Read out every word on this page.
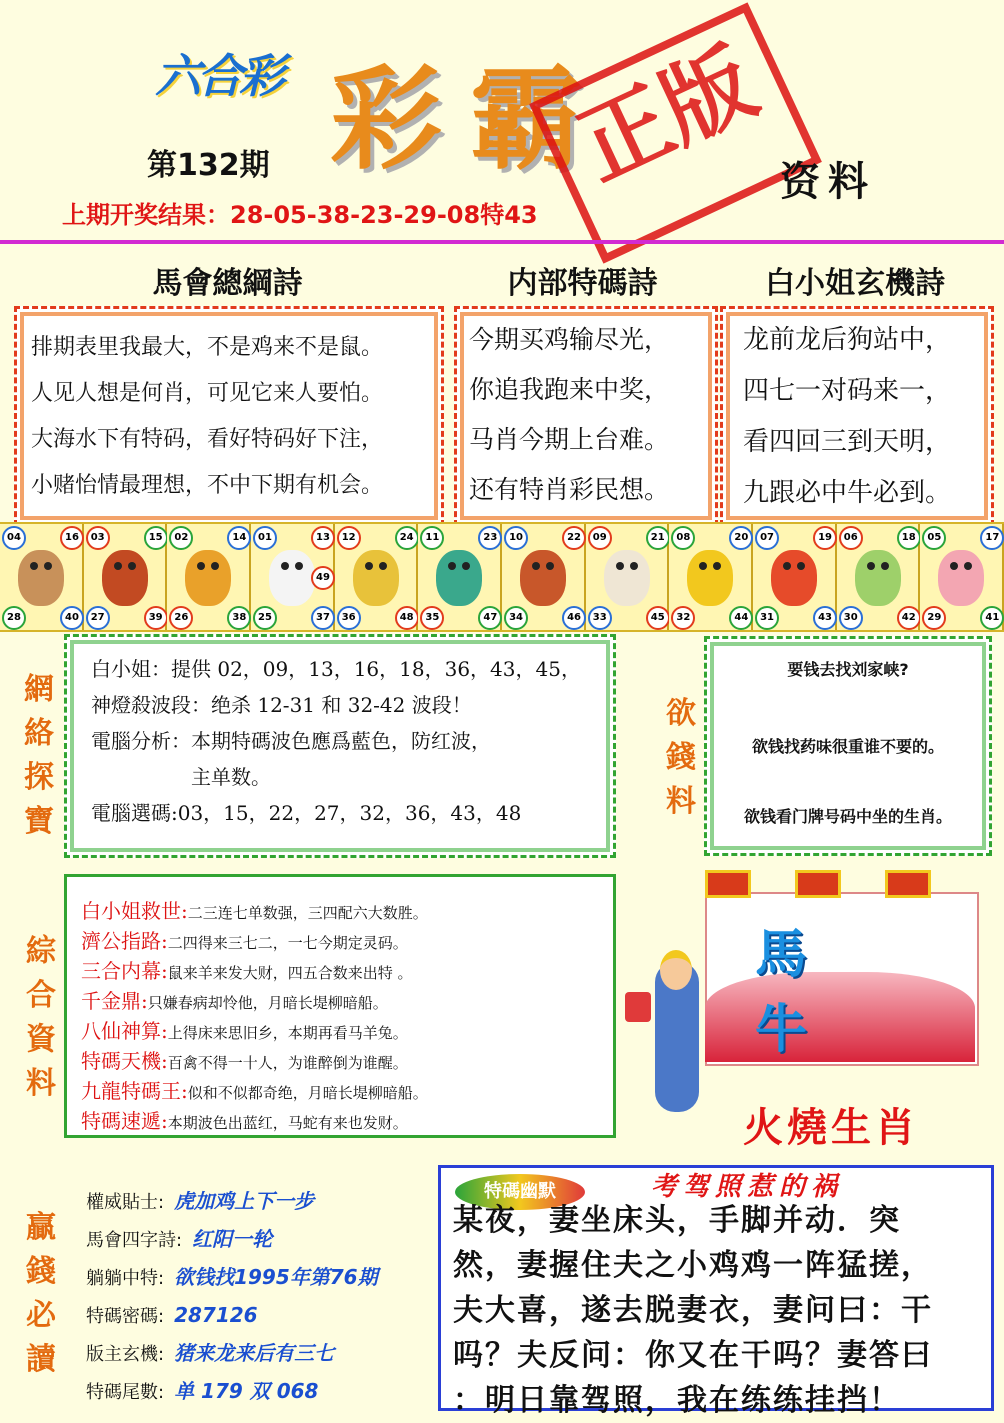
六合彩 彩 霸
正版 资料
第132期
上期开奖结果：28-05-38-23-29-08特43
馬會總綱詩	内部特碼詩	白小姐玄機詩
排期表里我最大，不是鸡来不是鼠。
人见人想是何肖，可见它来人要怕。
大海水下有特码，看好特码好下注，
小赌怡情最理想，不中下期有机会。
今期买鸡输尽光，
你追我跑来中奖，
马肖今期上台难。
还有特肖彩民想。
龙前龙后狗站中，
四七一对码来一，
看四回三到天明，
九跟必中牛必到。
04	16
28	40
03	15
27	39
02	14
26	38
01	13
25	37
49
12	24
36	48
11	23
35	47
10	22
34	46
09	21
33	45
08	20
32	44
07	19
31	43
06	18
30	42
05	17
29	41
網
絡
探
寶
白小姐：提供 02，09，13，16，18，36，43，45，
神燈殺波段：绝杀 12-31 和 32-42 波段！
電腦分析：本期特碼波色應爲藍色，防红波，
　　　　　主单数。
電腦選碼:03，15，22，27，32，36，43，48
欲
錢
料
要钱去找刘家峡?
欲钱找药味很重谁不要的。
欲钱看门牌号码中坐的生肖。
綜
合
資
料
白小姐救世:二三连七单数强，三四配六大数胜。
濟公指路:二四得来三七二，一七今期定灵码。
三合内幕:鼠来羊来发大财，四五合数来出特 。
千金鼎:只嫌春病却怜他，月暗长堤柳暗船。
八仙神算:上得床来思旧乡，本期再看马羊兔。
特碼天機:百禽不得一十人，为谁醉倒为谁醒。
九龍特碼王:似和不似都奇绝，月暗长堤柳暗船。
特碼速遞:本期波色出蓝红，马蛇有来也发财。
馬 牛
火燒生肖
贏
錢
必
讀
權威貼士: 虎加鸡上下一步
馬會四字詩: 红阳一轮
躺躺中特: 欲钱找1995年第76期
特碼密碼: 287126
版主玄機: 猪来龙来后有三七
特碼尾數: 单 179 双 068
特碼幽默	考驾照惹的祸
某夜，妻坐床头，手脚并动．突
然，妻握住夫之小鸡鸡一阵猛搓，
夫大喜，遂去脱妻衣，妻问曰：干
吗？夫反问：你又在干吗？妻答曰
：明日靠驾照，我在练练挂挡！
